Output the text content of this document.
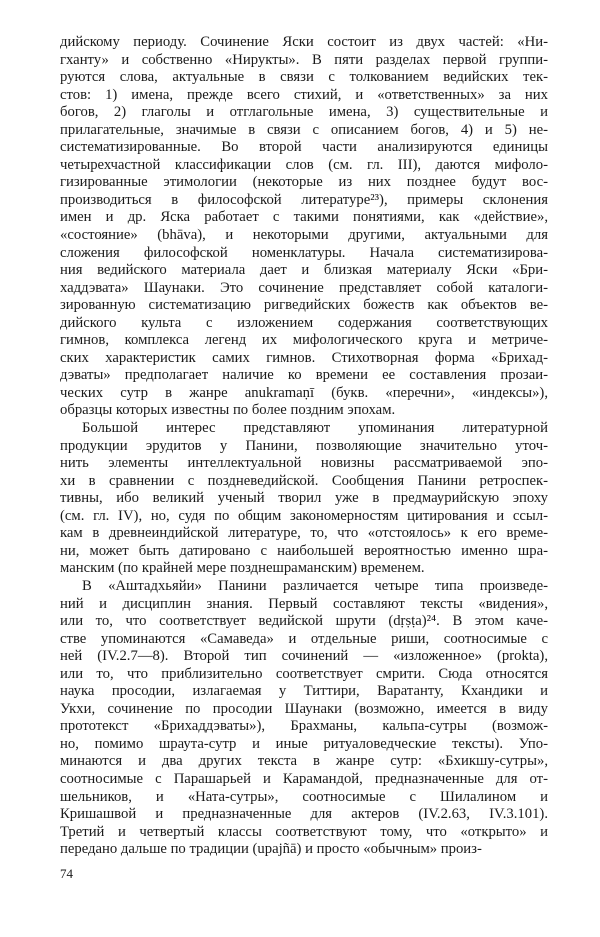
дийскому периоду. Сочинение Яски состоит из двух частей: «Ни-
гханту» и собственно «Нирукты». В пяти разделах первой группи-
руются слова, актуальные в связи с толкованием ведийских тек-
стов: 1) имена, прежде всего стихий, и «ответственных» за них
богов, 2) глаголы и отглагольные имена, 3) существительные и
прилагательные, значимые в связи с описанием богов, 4) и 5) не-
систематизированные. Во второй части анализируются единицы
четырехчастной классификации слов (см. гл. III), даются мифоло-
гизированные этимологии (некоторые из них позднее будут вос-
производиться в философской литературе²³), примеры склонения
имен и др. Яска работает с такими понятиями, как «действие»,
«состояние» (bhāva), и некоторыми другими, актуальными для
сложения философской номенклатуры. Начала систематизирова-
ния ведийского материала дает и близкая материалу Яски «Бри-
хаддэвата» Шаунаки. Это сочинение представляет собой каталоги-
зированную систематизацию ригведийских божеств как объектов ве-
дийского культа с изложением содержания соответствующих
гимнов, комплекса легенд их мифологического круга и метриче-
ских характеристик самих гимнов. Стихотворная форма «Брихад-
дэваты» предполагает наличие ко времени ее составления прозаи-
ческих сутр в жанре anukramaṇī (букв. «перечни», «индексы»),
образцы которых известны по более поздним эпохам.
Большой интерес представляют упоминания литературной
продукции эрудитов у Панини, позволяющие значительно уточ-
нить элементы интеллектуальной новизны рассматриваемой эпо-
хи в сравнении с поздневедийской. Сообщения Панини ретроспек-
тивны, ибо великий ученый творил уже в предмаурийскую эпоху
(см. гл. IV), но, судя по общим закономерностям цитирования и ссыл-
кам в древнеиндийской литературе, то, что «отстоялось» к его време-
ни, может быть датировано с наибольшей вероятностью именно шра-
манским (по крайней мере позднешраманским) временем.
В «Аштадхьяйи» Панини различается четыре типа произведе-
ний и дисциплин знания. Первый составляют тексты «видения»,
или то, что соответствует ведийской шрути (dṛṣṭa)²⁴. В этом каче-
стве упоминаются «Самаведа» и отдельные риши, соотносимые с
ней (IV.2.7—8). Второй тип сочинений — «изложенное» (prokta),
или то, что приблизительно соответствует смрити. Сюда относятся
наука просодии, излагаемая у Титтири, Варатанту, Кхандики и
Укхи, сочинение по просодии Шаунаки (возможно, имеется в виду
прототекст «Брихаддэваты»), Брахманы, кальпа-сутры (возмож-
но, помимо шраута-сутр и иные ритуаловедческие тексты). Упо-
минаются и два других текста в жанре сутр: «Бхикшу-сутры»,
соотносимые с Парашарьей и Карамандой, предназначенные для от-
шельников, и «Ната-сутры», соотносимые с Шилалином и
Кришашвой и предназначенные для актеров (IV.2.63, IV.3.101).
Третий и четвертый классы соответствуют тому, что «открыто» и
передано дальше по традиции (upajñā) и просто «обычным» произ-
74
